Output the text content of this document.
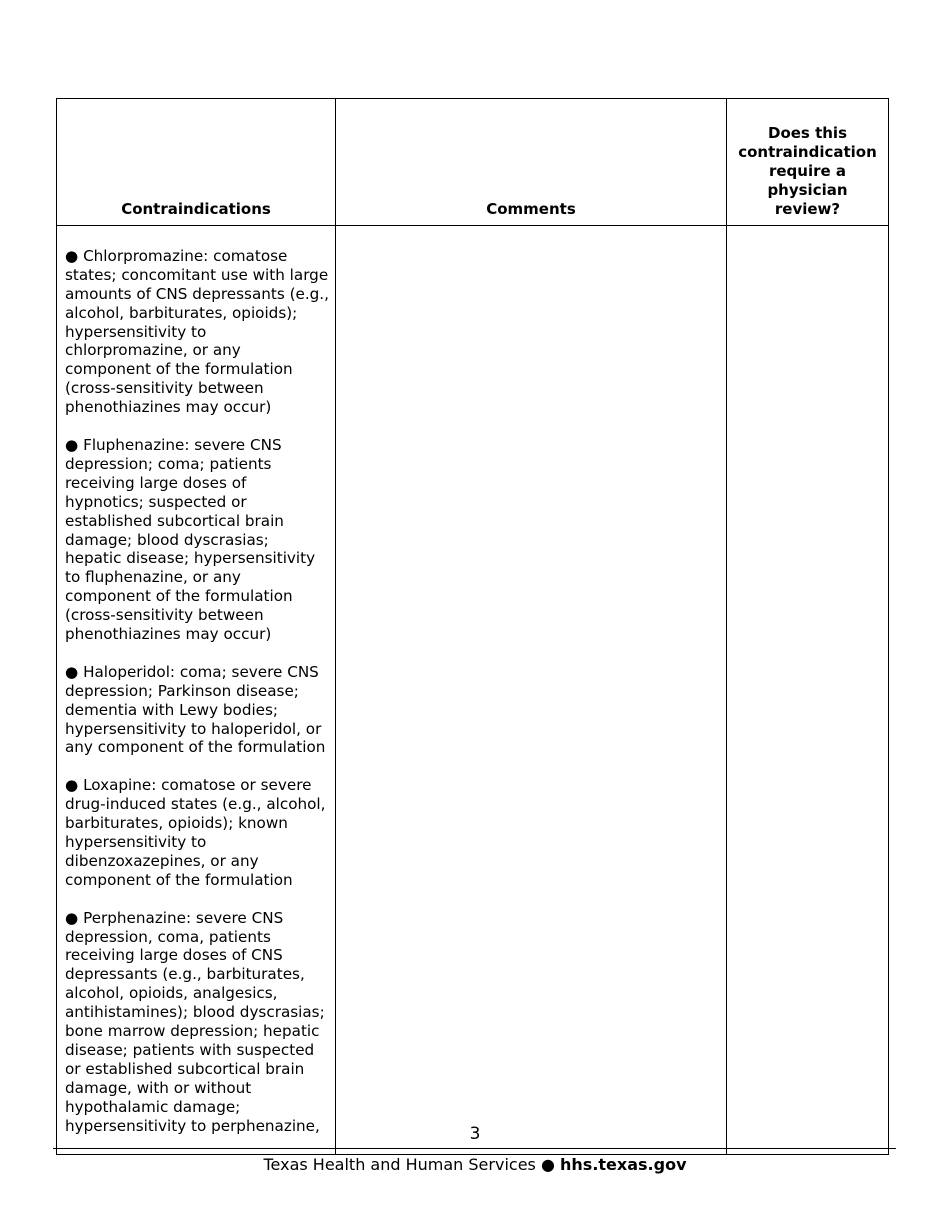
Contraindications	Comments	Does this contraindication require a physician review?

● Chlorpromazine: comatose states; concomitant use with large amounts of CNS depressants (e.g., alcohol, barbiturates, opioids); hypersensitivity to chlorpromazine, or any component of the formulation (cross-sensitivity between phenothiazines may occur)

● Fluphenazine: severe CNS depression; coma; patients receiving large doses of hypnotics; suspected or established subcortical brain damage; blood dyscrasias; hepatic disease; hypersensitivity to fluphenazine, or any component of the formulation (cross-sensitivity between phenothiazines may occur)

● Haloperidol: coma; severe CNS depression; Parkinson disease; dementia with Lewy bodies; hypersensitivity to haloperidol, or any component of the formulation

● Loxapine: comatose or severe drug-induced states (e.g., alcohol, barbiturates, opioids); known hypersensitivity to dibenzoxazepines, or any component of the formulation

● Perphenazine: severe CNS depression, coma, patients receiving large doses of CNS depressants (e.g., barbiturates, alcohol, opioids, analgesics, antihistamines); blood dyscrasias; bone marrow depression; hepatic disease; patients with suspected or established subcortical brain damage, with or without hypothalamic damage; hypersensitivity to perphenazine,		

			3
Texas Health and Human Services ● hhs.texas.gov
